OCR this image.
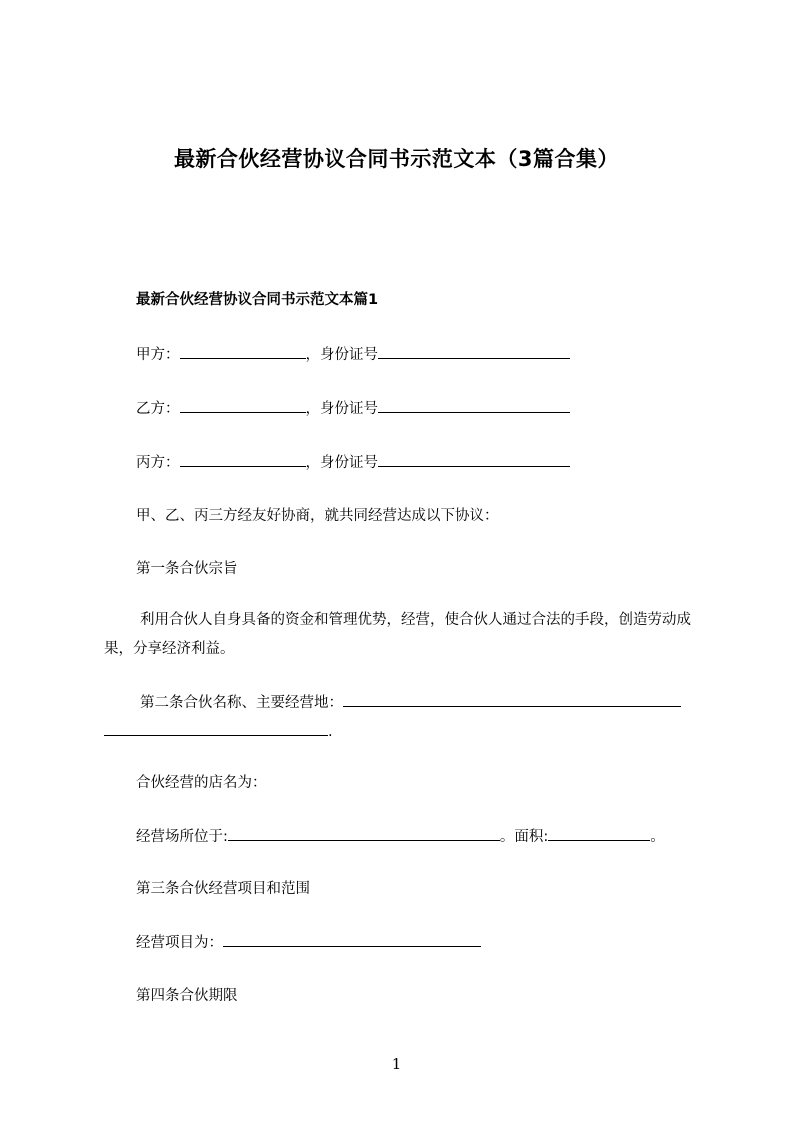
最新合伙经营协议合同书示范文本（3篇合集）
最新合伙经营协议合同书示范文本篇1
甲方：	，身份证号
乙方：	，身份证号
丙方：	，身份证号
甲、乙、丙三方经友好协商，就共同经营达成以下协议：
第一条合伙宗旨
利用合伙人自身具备的资金和管理优势，经营，使合伙人通过合法的手段，创造劳动成果，分享经济利益。
第二条合伙名称、主要经营地：
.
合伙经营的店名为：
经营场所位于:	。面积:	。
第三条合伙经营项目和范围
经营项目为：
第四条合伙期限
1
